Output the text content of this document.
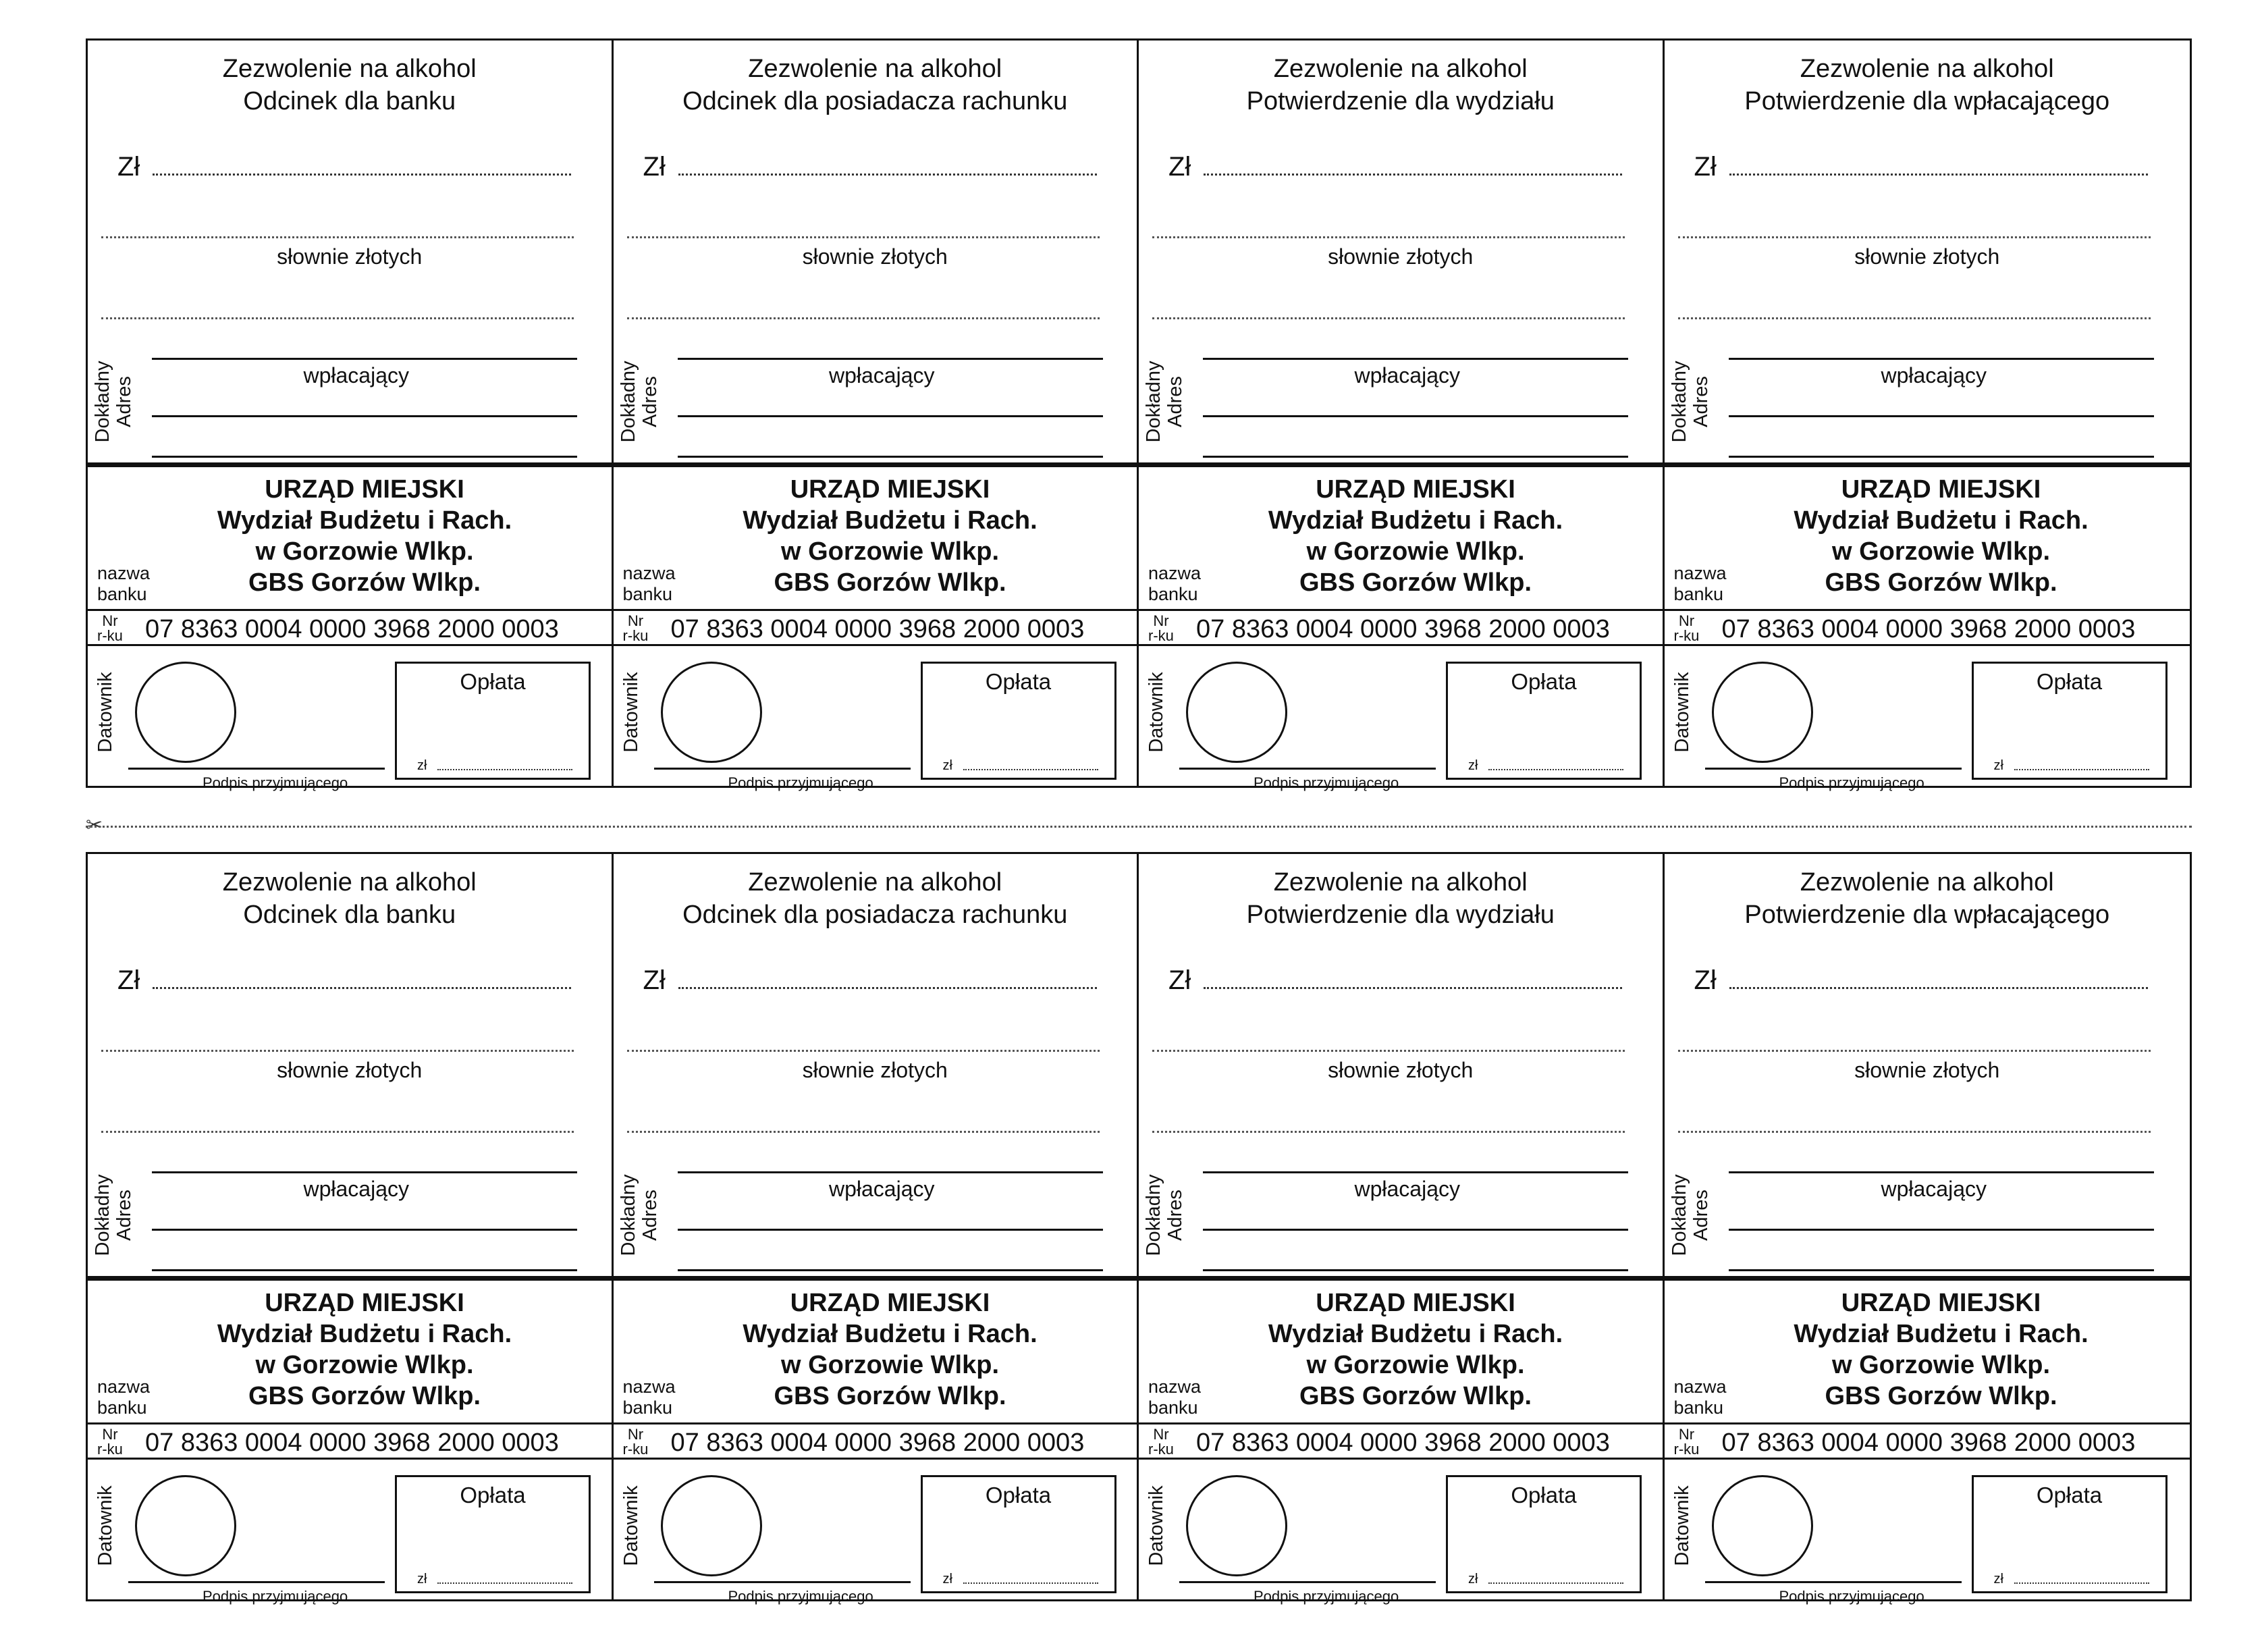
Zezwolenie na alkohol
Odcinek dla banku
Zł
słownie złotych
wpłacający
Dokładny Adres
URZĄD MIEJSKI
Wydział Budżetu i Rach.
w Gorzowie Wlkp.
GBS Gorzów Wlkp.
nazwa
banku
Nr
r-ku 07 8363 0004 0000 3968 2000 0003
Datownik
Podpis przyjmującego
Opłata
zł
Zezwolenie na alkohol
Odcinek dla posiadacza rachunku
Zł
słownie złotych
wpłacający
Dokładny Adres
URZĄD MIEJSKI
Wydział Budżetu i Rach.
w Gorzowie Wlkp.
GBS Gorzów Wlkp.
nazwa
banku
Nr
r-ku 07 8363 0004 0000 3968 2000 0003
Datownik
Podpis przyjmującego
Opłata
zł
Zezwolenie na alkohol
Potwierdzenie dla wydziału
Zł
słownie złotych
wpłacający
Dokładny Adres
URZĄD MIEJSKI
Wydział Budżetu i Rach.
w Gorzowie Wlkp.
GBS Gorzów Wlkp.
nazwa
banku
Nr
r-ku 07 8363 0004 0000 3968 2000 0003
Datownik
Podpis przyjmującego
Opłata
zł
Zezwolenie na alkohol
Potwierdzenie dla wpłacającego
Zł
słownie złotych
wpłacający
Dokładny Adres
URZĄD MIEJSKI
Wydział Budżetu i Rach.
w Gorzowie Wlkp.
GBS Gorzów Wlkp.
nazwa
banku
Nr
r-ku 07 8363 0004 0000 3968 2000 0003
Datownik
Podpis przyjmującego
Opłata
zł
✂
Zezwolenie na alkohol
Odcinek dla banku
Zł
słownie złotych
wpłacający
Dokładny Adres
URZĄD MIEJSKI
Wydział Budżetu i Rach.
w Gorzowie Wlkp.
GBS Gorzów Wlkp.
nazwa
banku
Nr
r-ku 07 8363 0004 0000 3968 2000 0003
Datownik
Podpis przyjmującego
Opłata
zł
Zezwolenie na alkohol
Odcinek dla posiadacza rachunku
Zł
słownie złotych
wpłacający
Dokładny Adres
URZĄD MIEJSKI
Wydział Budżetu i Rach.
w Gorzowie Wlkp.
GBS Gorzów Wlkp.
nazwa
banku
Nr
r-ku 07 8363 0004 0000 3968 2000 0003
Datownik
Podpis przyjmującego
Opłata
zł
Zezwolenie na alkohol
Potwierdzenie dla wydziału
Zł
słownie złotych
wpłacający
Dokładny Adres
URZĄD MIEJSKI
Wydział Budżetu i Rach.
w Gorzowie Wlkp.
GBS Gorzów Wlkp.
nazwa
banku
Nr
r-ku 07 8363 0004 0000 3968 2000 0003
Datownik
Podpis przyjmującego
Opłata
zł
Zezwolenie na alkohol
Potwierdzenie dla wpłacającego
Zł
słownie złotych
wpłacający
Dokładny Adres
URZĄD MIEJSKI
Wydział Budżetu i Rach.
w Gorzowie Wlkp.
GBS Gorzów Wlkp.
nazwa
banku
Nr
r-ku 07 8363 0004 0000 3968 2000 0003
Datownik
Podpis przyjmującego
Opłata
zł
